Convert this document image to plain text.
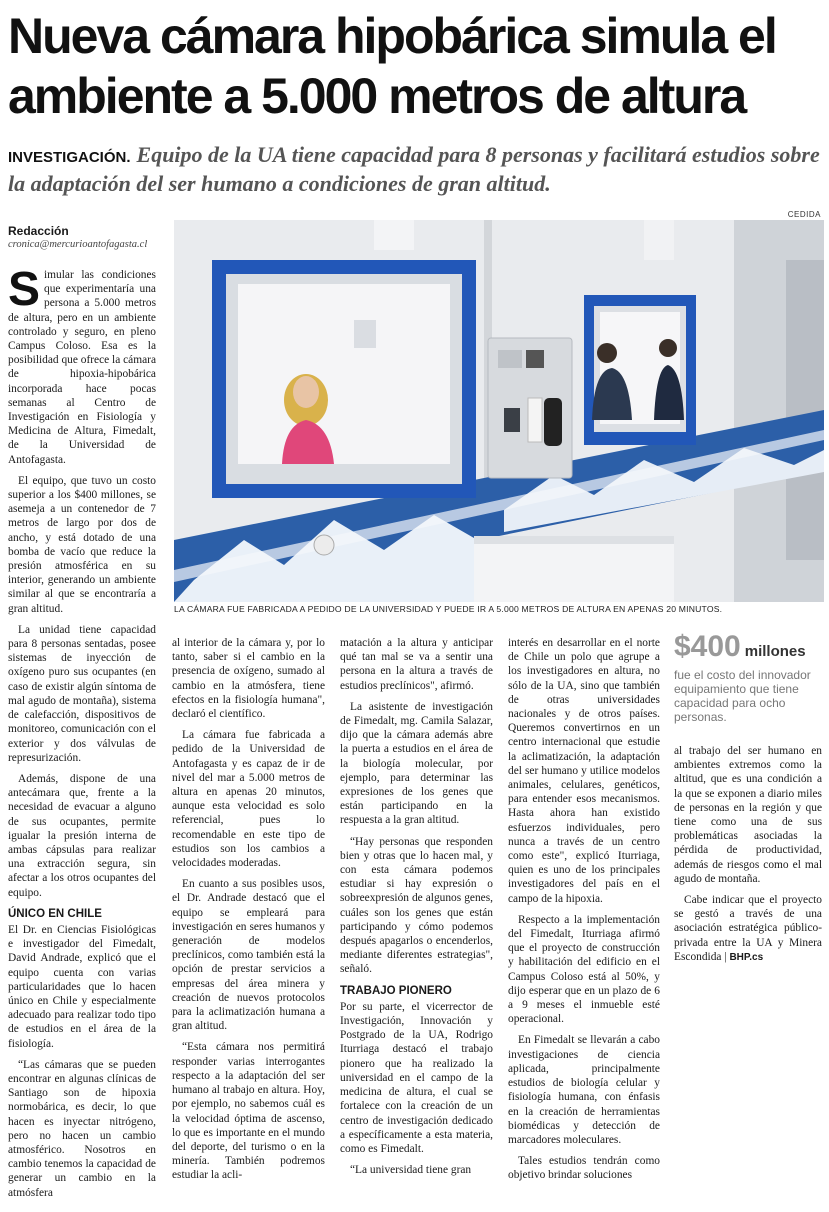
Nueva cámara hipobárica simula el ambiente a 5.000 metros de altura
INVESTIGACIÓN. Equipo de la UA tiene capacidad para 8 personas y facilitará estudios sobre la adaptación del ser humano a condiciones de gran altitud.
CEDIDA
Redacción
cronica@mercurioantofagasta.cl
LA CÁMARA FUE FABRICADA A PEDIDO DE LA UNIVERSIDAD Y PUEDE IR A 5.000 METROS DE ALTURA EN APENAS 20 MINUTOS.

Simular las condiciones que experimentaría una persona a 5.000 metros de altura, pero en un ambiente controlado y seguro, en pleno Campus Coloso. Esa es la posibilidad que ofrece la cámara de hipoxia-hipobárica incorporada hace pocas semanas al Centro de Investigación en Fisiología y Medicina de Altura, Fimedalt, de la Universidad de Antofagasta.

El equipo, que tuvo un costo superior a los $400 millones, se asemeja a un contenedor de 7 metros de largo por dos de ancho, y está dotado de una bomba de vacío que reduce la presión atmosférica en su interior, generando un ambiente similar al que se encontraría a gran altitud.

La unidad tiene capacidad para 8 personas sentadas, posee sistemas de inyección de oxígeno puro sus ocupantes (en caso de existir algún síntoma de mal agudo de montaña), sistema de calefacción, dispositivos de monitoreo, comunicación con el exterior y dos válvulas de represurización.

Además, dispone de una antecámara que, frente a la necesidad de evacuar a alguno de sus ocupantes, permite igualar la presión interna de ambas cápsulas para realizar una extracción segura, sin afectar a los otros ocupantes del equipo.

ÚNICO EN CHILE

El Dr. en Ciencias Fisiológicas e investigador del Fimedalt, David Andrade, explicó que el equipo cuenta con varias particularidades que lo hacen único en Chile y especialmente adecuado para realizar todo tipo de estudios en el área de la fisiología.

“Las cámaras que se pueden encontrar en algunas clínicas de Santiago son de hipoxia normobárica, es decir, lo que hacen es inyectar nitrógeno, pero no hacen un cambio atmosférico. Nosotros en cambio tenemos la capacidad de generar un cambio en la atmósfera

al interior de la cámara y, por lo tanto, saber si el cambio en la presencia de oxígeno, sumado al cambio en la atmósfera, tiene efectos en la fisiología humana", declaró el científico.

La cámara fue fabricada a pedido de la Universidad de Antofagasta y es capaz de ir de nivel del mar a 5.000 metros de altura en apenas 20 minutos, aunque esta velocidad es solo referencial, pues lo recomendable en este tipo de estudios son los cambios a velocidades moderadas.

En cuanto a sus posibles usos, el Dr. Andrade destacó que el equipo se empleará para investigación en seres humanos y generación de modelos preclínicos, como también está la opción de prestar servicios a empresas del área minera y creación de nuevos protocolos para la aclimatización humana a gran altitud.

“Esta cámara nos permitirá responder varias interrogantes respecto a la adaptación del ser humano al trabajo en altura. Hoy, por ejemplo, no sabemos cuál es la velocidad óptima de ascenso, lo que es importante en el mundo del deporte, del turismo o en la minería. También podremos estudiar la acli-

matación a la altura y anticipar qué tan mal se va a sentir una persona en la altura a través de estudios preclínicos", afirmó.

La asistente de investigación de Fimedalt, mg. Camila Salazar, dijo que la cámara además abre la puerta a estudios en el área de la biología molecular, por ejemplo, para determinar las expresiones de los genes que están participando en la respuesta a la gran altitud.

“Hay personas que responden bien y otras que lo hacen mal, y con esta cámara podemos estudiar si hay expresión o sobreexpresión de algunos genes, cuáles son los genes que están participando y cómo podemos después apagarlos o encenderlos, mediante diferentes estrategias", señaló.

TRABAJO PIONERO

Por su parte, el vicerrector de Investigación, Innovación y Postgrado de la UA, Rodrigo Iturriaga destacó el trabajo pionero que ha realizado la universidad en el campo de la medicina de altura, el cual se fortalece con la creación de un centro de investigación dedicado a específicamente a esta materia, como es Fimedalt.

“La universidad tiene gran

interés en desarrollar en el norte de Chile un polo que agrupe a los investigadores en altura, no sólo de la UA, sino que también de otras universidades nacionales y de otros países. Queremos convertirnos en un centro internacional que estudie la aclimatización, la adaptación del ser humano y utilice modelos animales, celulares, genéticos, para entender esos mecanismos. Hasta ahora han existido esfuerzos individuales, pero nunca a través de un centro como este", explicó Iturriaga, quien es uno de los principales investigadores del país en el campo de la hipoxia.

Respecto a la implementación del Fimedalt, Iturriaga afirmó que el proyecto de construcción y habilitación del edificio en el Campus Coloso está al 50%, y dijo esperar que en un plazo de 6 a 9 meses el inmueble esté operacional.

En Fimedalt se llevarán a cabo investigaciones de ciencia aplicada, principalmente estudios de biología celular y fisiología humana, con énfasis en la creación de herramientas biomédicas y detección de marcadores moleculares.

Tales estudios tendrán como objetivo brindar soluciones

$400 millones
fue el costo del innovador equipamiento que tiene capacidad para ocho personas.

al trabajo del ser humano en ambientes extremos como la altitud, que es una condición a la que se exponen a diario miles de personas en la región y que tiene como una de sus problemáticas asociadas la pérdida de productividad, además de riesgos como el mal agudo de montaña.

Cabe indicar que el proyecto se gestó a través de una asociación estratégica público-privada entre la UA y Minera Escondida | BHP.cs
